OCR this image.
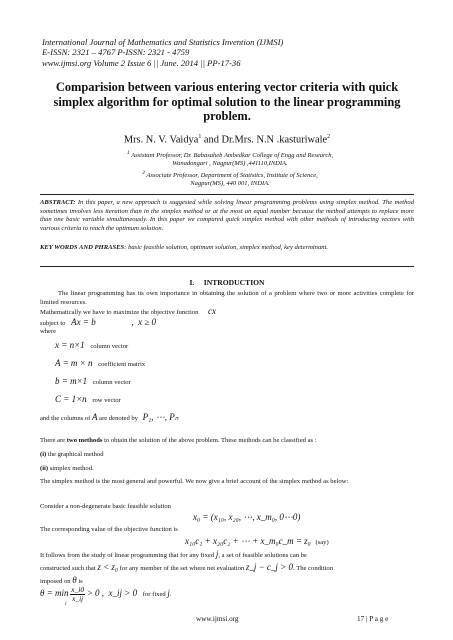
International Journal of Mathematics and Statistics Invention (IJMSI)
E-ISSN: 2321 – 4767 P-ISSN: 2321 - 4759
www.ijmsi.org Volume 2 Issue 6 || June. 2014 || PP-17-36
Comparision between various entering vector criteria with quick simplex algorithm for optimal solution to the linear programming problem.
Mrs. N. V. Vaidya$^1$ and Dr.Mrs. N.N .kasturiwale$^2$
$^1$ Assistant Professor, Dr. Babasaheb Ambedkar College of Engg and Research,
Wanadongari , Nagpur(MS) ,441110,INDIA.
$^2$ Associate Professor, Department of Statistics, Institute of Science,
Nagpur(MS), 440 001, INDIA.
ABSTRACT: In this paper, a new approach is suggested while solving linear programming problems using simplex method. The method sometimes involves less iteration than in the simplex method or at the most an equal number because the method attempts to replace more than one basic variable simultaneously. In this paper we compared quick simplex method with other methods of introducing vectors with various criteria to reach the optimum solution.
KEY WORDS AND PHRASES: basic feasible solution, optimum solution, simplex method, key determinant.
I.     INTRODUCTION
The linear programming has its own importance in obtaining the solution of a problem where two or more activities complete for limited resources.
Mathematically we have to maximize the objective function cx
subject to Ax = b	,  x ≥ 0
where
x = n×1 column vector
A = m × n coefficient matrix
b = m×1 column vector
C = 1×n row vector
and the columns of A are denoted by P₁, ⋯, Pₙ
There are two methods to obtain the solution of the above problem. These methods can be classified as :
(i) the graphical method
(ii) simplex method.
The simplex method is the most general and powerful. We now give a brief account of the simplex method as below:
Consider a non-degenerate basic feasible solution
x₀ = (x₁₀, x₂₀, ⋯, x_m₀, 0⋯0)
The corresponding value of the objective function is
x₁₀c₁ + x₂₀c₂ + ⋯ + x_m₀c_m = z₀ (say)
It follows from the study of linear programming that for any fixed j, a set of feasible solutions can be
constructed such that z < z₀ for any member of the set where net evaluation z_j − c_j > 0. The condition
imposed on θ is
$\theta = \min \frac{x\_i0}{x\_ij} > 0$ ,  x_ij > 0 for fixed j.
i
www.ijmsi.org	17 | P a g e
